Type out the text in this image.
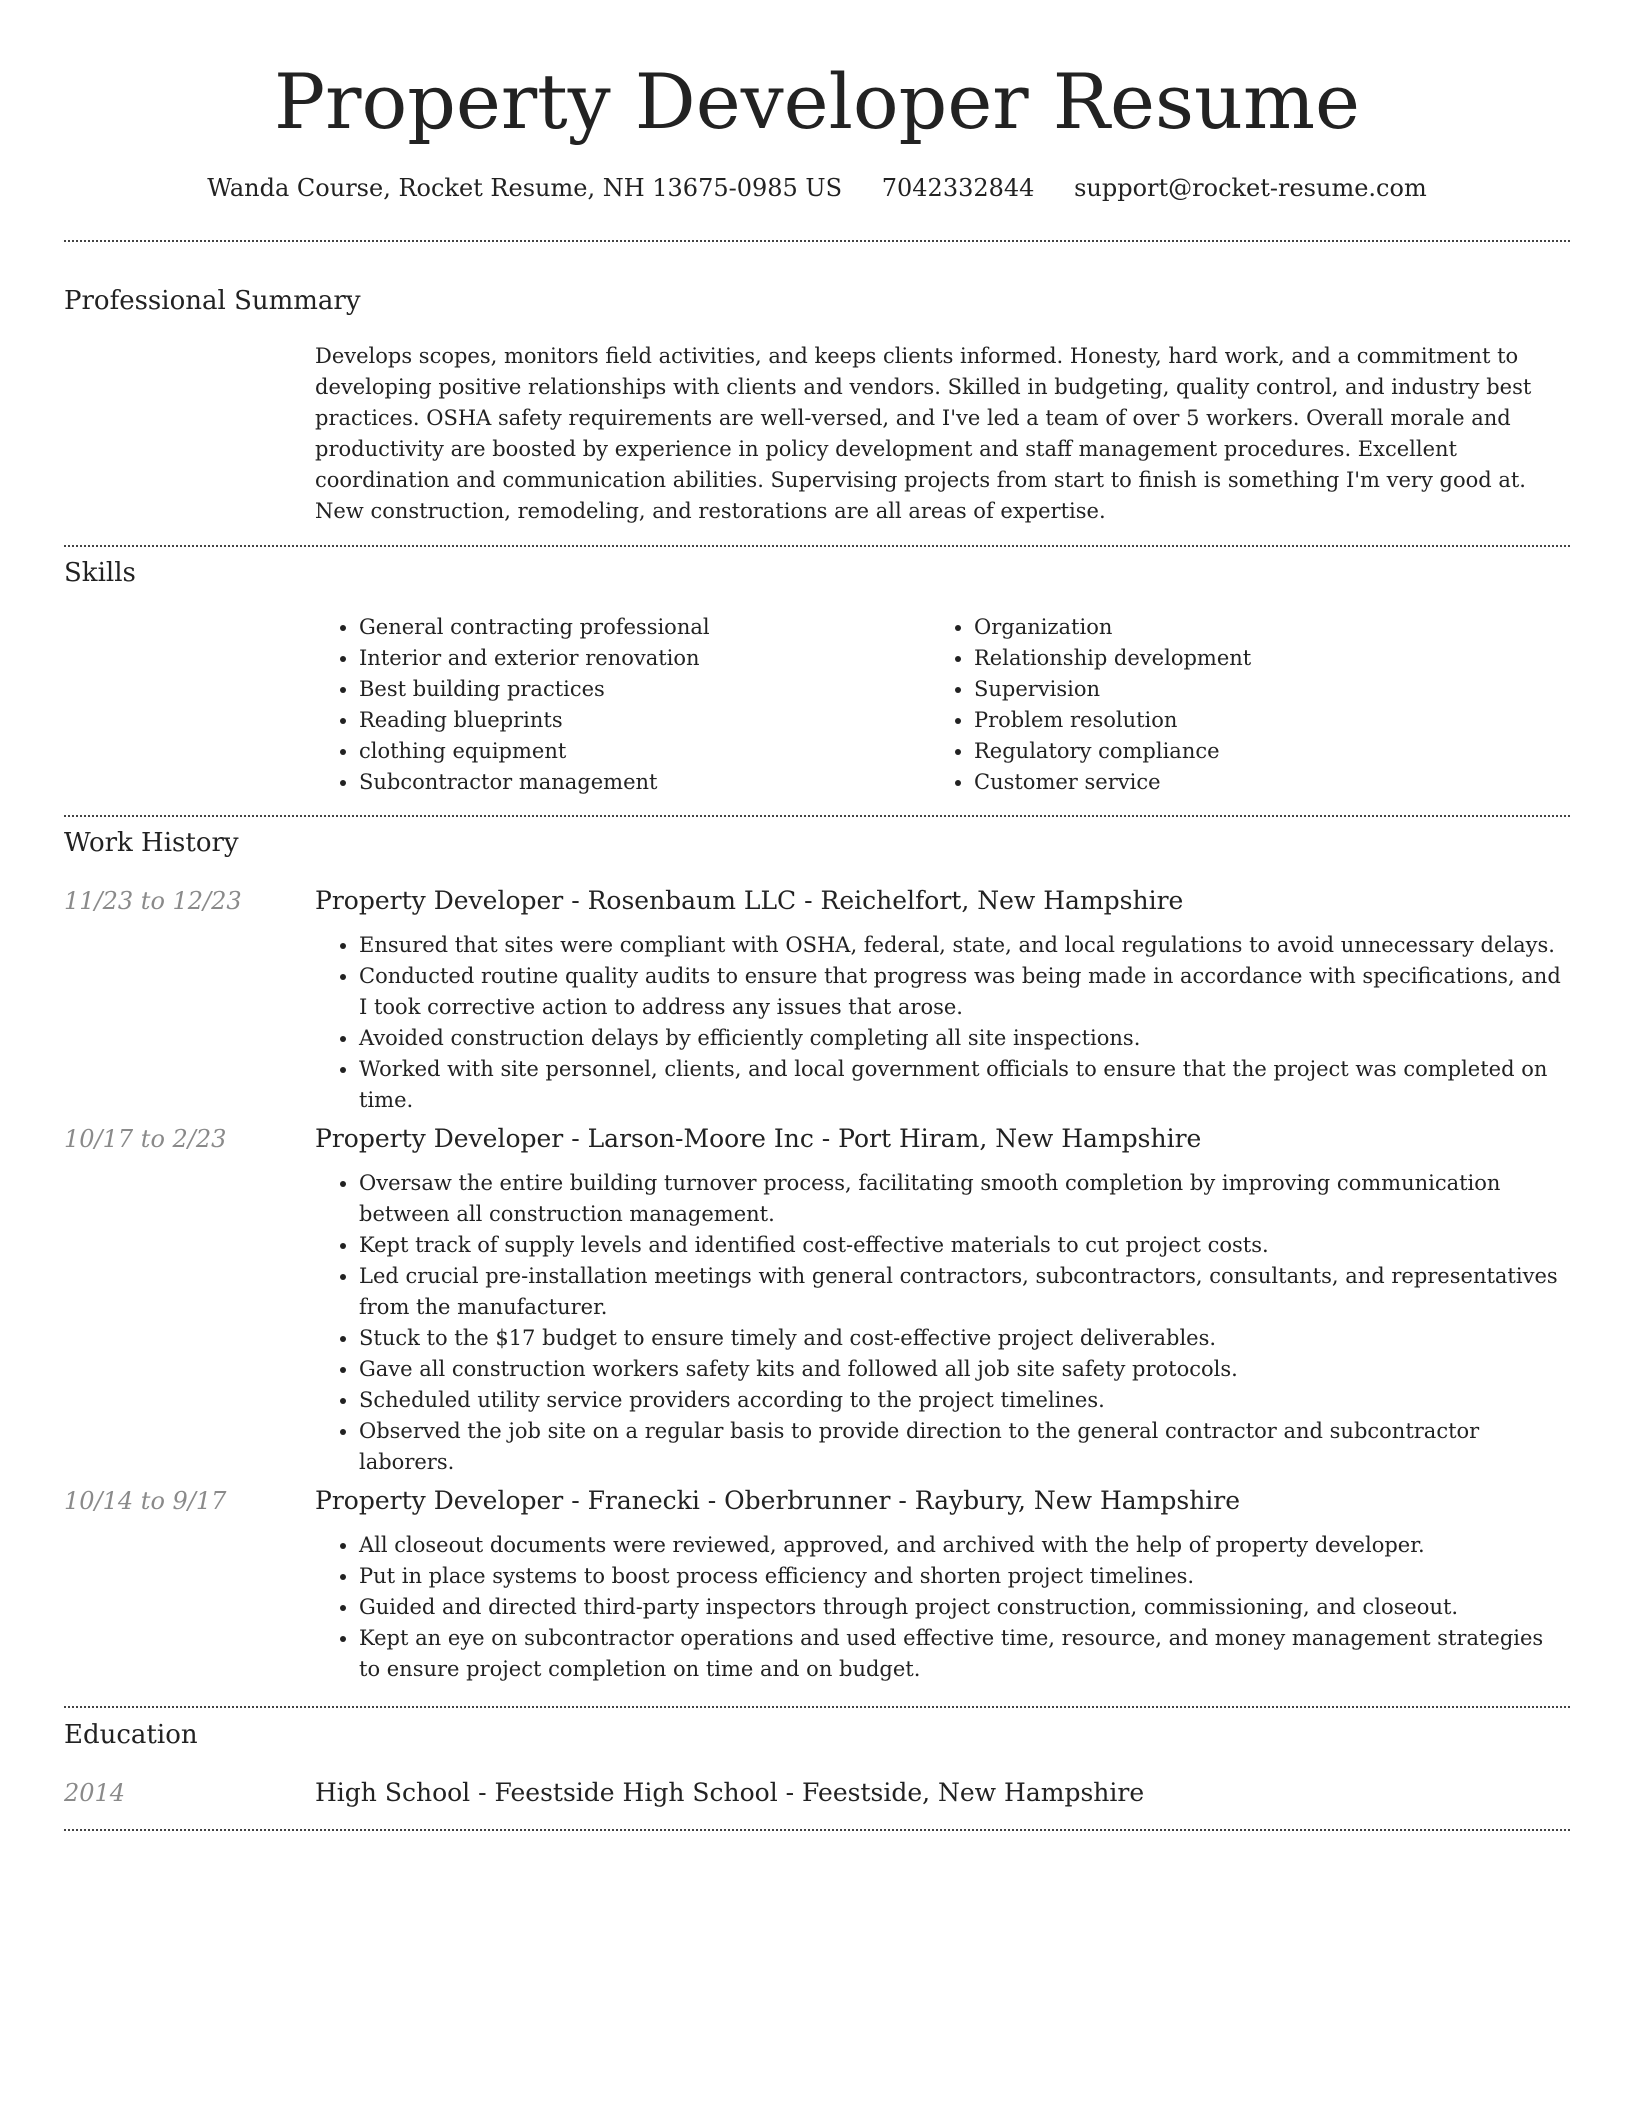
Property Developer Resume
Wanda Course, Rocket Resume, NH 13675-0985 US 7042332844 support@rocket-resume.com
Professional Summary

Develops scopes, monitors field activities, and keeps clients informed. Honesty, hard work, and a commitment to developing positive relationships with clients and vendors. Skilled in budgeting, quality control, and industry best practices. OSHA safety requirements are well-versed, and I've led a team of over 5 workers. Overall morale and productivity are boosted by experience in policy development and staff management procedures. Excellent coordination and communication abilities. Supervising projects from start to finish is something I'm very good at. New construction, remodeling, and restorations are all areas of expertise.

Skills
• General contracting professional
• Interior and exterior renovation
• Best building practices
• Reading blueprints
• clothing equipment
• Subcontractor management
• Organization
• Relationship development
• Supervision
• Problem resolution
• Regulatory compliance
• Customer service
Work History
11/23 to 12/23	Property Developer - Rosenbaum LLC - Reichelfort, New Hampshire
• Ensured that sites were compliant with OSHA, federal, state, and local regulations to avoid unnecessary delays.
• Conducted routine quality audits to ensure that progress was being made in accordance with specifications, and I took corrective action to address any issues that arose.
• Avoided construction delays by efficiently completing all site inspections.
• Worked with site personnel, clients, and local government officials to ensure that the project was completed on time.
10/17 to 2/23	Property Developer - Larson-Moore Inc - Port Hiram, New Hampshire
• Oversaw the entire building turnover process, facilitating smooth completion by improving communication between all construction management.
• Kept track of supply levels and identified cost-effective materials to cut project costs.
• Led crucial pre-installation meetings with general contractors, subcontractors, consultants, and representatives from the manufacturer.
• Stuck to the $17 budget to ensure timely and cost-effective project deliverables.
• Gave all construction workers safety kits and followed all job site safety protocols.
• Scheduled utility service providers according to the project timelines.
• Observed the job site on a regular basis to provide direction to the general contractor and subcontractor laborers.
10/14 to 9/17	Property Developer - Franecki - Oberbrunner - Raybury, New Hampshire
• All closeout documents were reviewed, approved, and archived with the help of property developer.
• Put in place systems to boost process efficiency and shorten project timelines.
• Guided and directed third-party inspectors through project construction, commissioning, and closeout.
• Kept an eye on subcontractor operations and used effective time, resource, and money management strategies to ensure project completion on time and on budget.
Education
2014	High School - Feestside High School - Feestside, New Hampshire
